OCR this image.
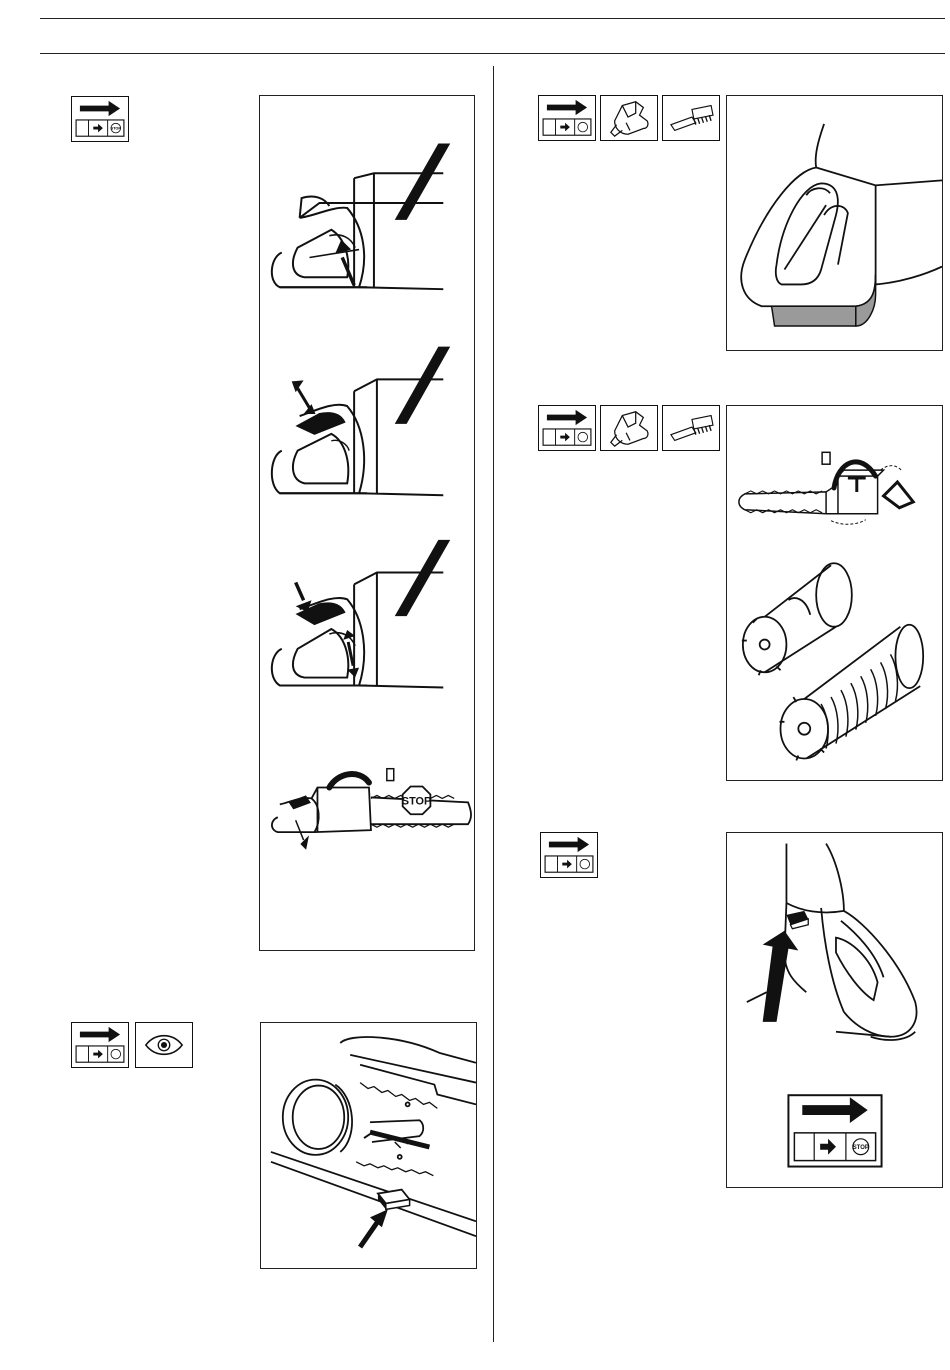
STOP
STOP
STOP
